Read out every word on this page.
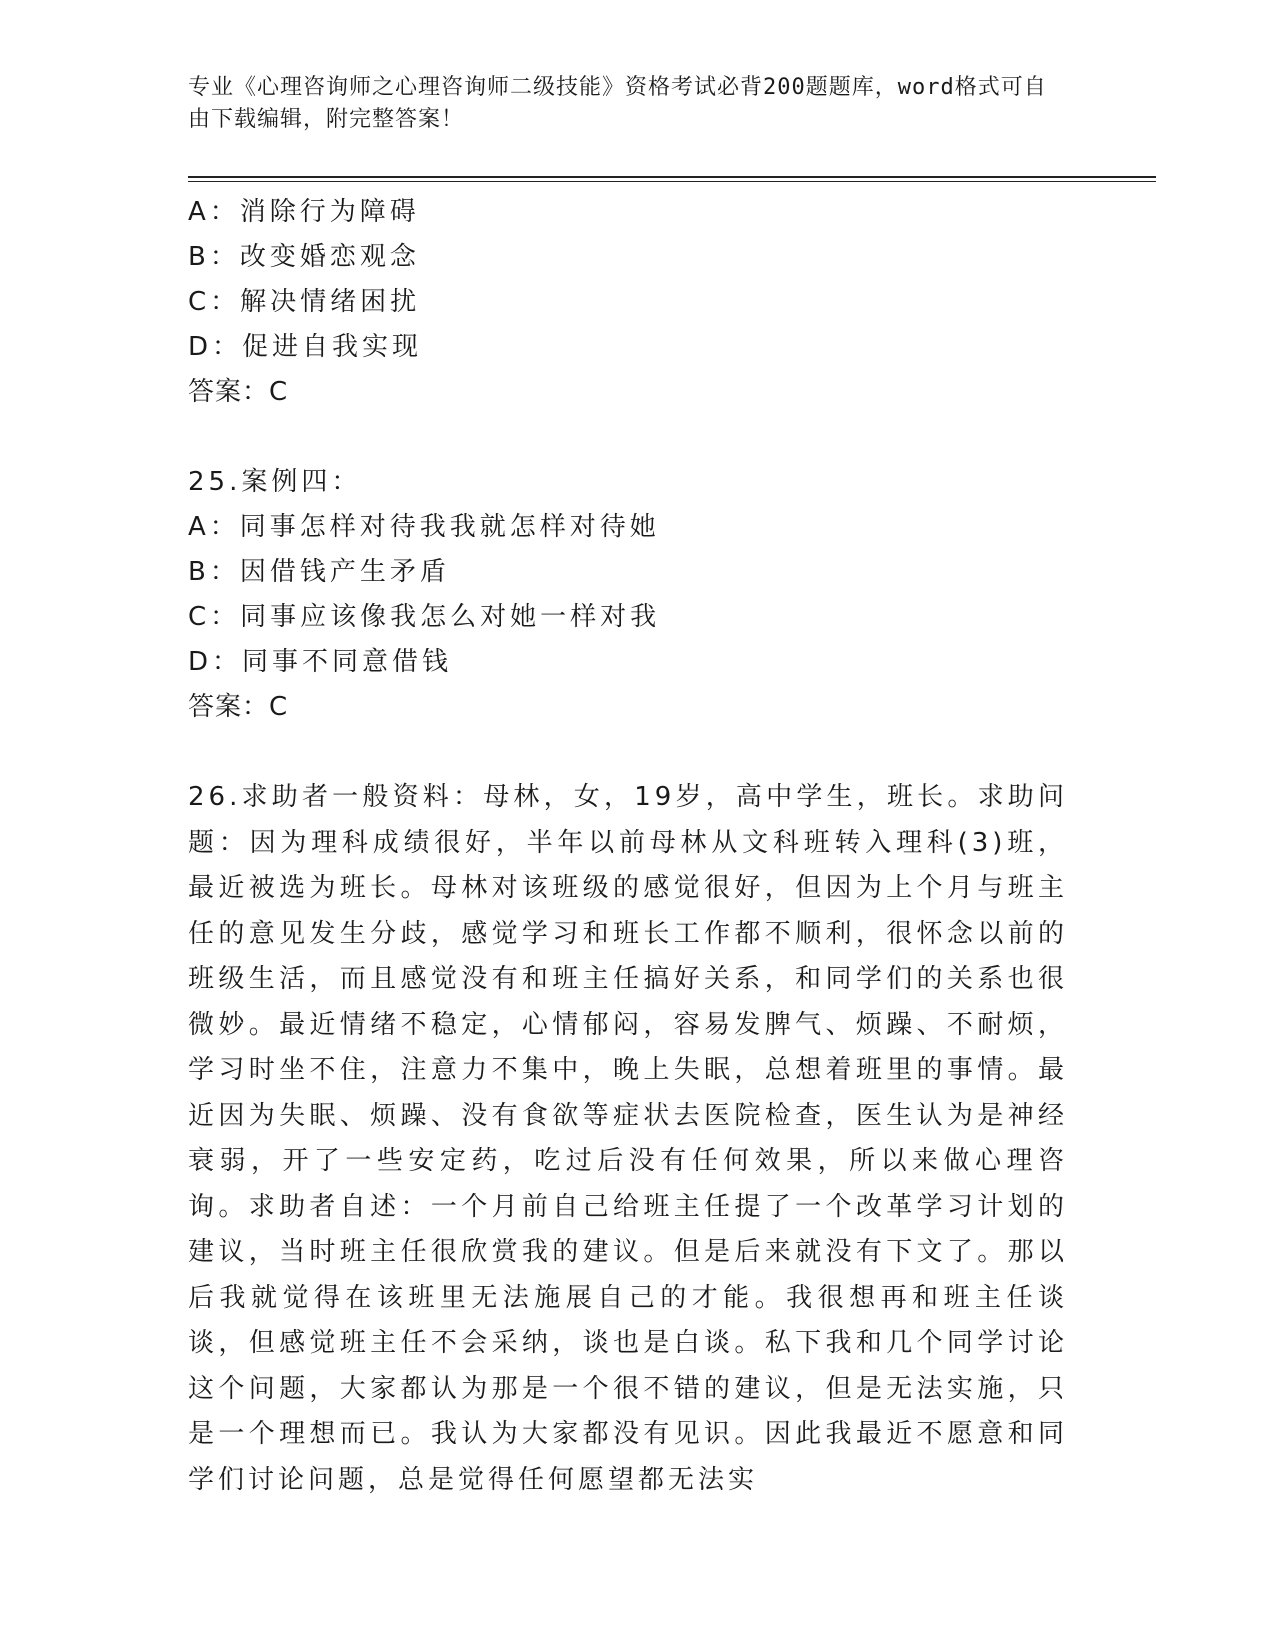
专业《心理咨询师之心理咨询师二级技能》资格考试必背200题题库，word格式可自由下载编辑，附完整答案！

A：消除行为障碍
B：改变婚恋观念
C：解决情绪困扰
D：促进自我实现
答案：C
25.案例四：
A：同事怎样对待我我就怎样对待她
B：因借钱产生矛盾
C：同事应该像我怎么对她一样对我
D：同事不同意借钱
答案：C
26.求助者一般资料：母林，女，19岁，高中学生，班长。求助问题：因为理科成绩很好，半年以前母林从文科班转入理科(3)班，最近被选为班长。母林对该班级的感觉很好，但因为上个月与班主任的意见发生分歧，感觉学习和班长工作都不顺利，很怀念以前的班级生活，而且感觉没有和班主任搞好关系，和同学们的关系也很微妙。最近情绪不稳定，心情郁闷，容易发脾气、烦躁、不耐烦，学习时坐不住，注意力不集中，晚上失眠，总想着班里的事情。最近因为失眠、烦躁、没有食欲等症状去医院检查，医生认为是神经衰弱，开了一些安定药，吃过后没有任何效果，所以来做心理咨询。求助者自述：一个月前自己给班主任提了一个改革学习计划的建议，当时班主任很欣赏我的建议。但是后来就没有下文了。那以后我就觉得在该班里无法施展自己的才能。我很想再和班主任谈谈，但感觉班主任不会采纳，谈也是白谈。私下我和几个同学讨论这个问题，大家都认为那是一个很不错的建议，但是无法实施，只是一个理想而已。我认为大家都没有见识。因此我最近不愿意和同学们讨论问题，总是觉得任何愿望都无法实
